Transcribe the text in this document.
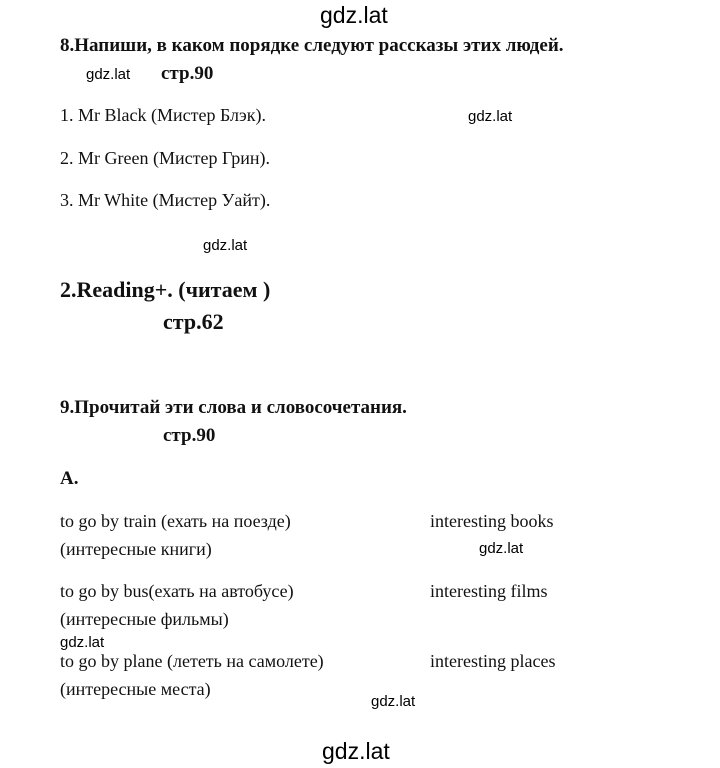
gdz.lat
gdz.lat
gdz.lat
gdz.lat
gdz.lat
gdz.lat
gdz.lat
gdz.lat
8.Напиши, в каком порядке следуют рассказы этих людей.
стр.90
1. Mr Black (Мистер Блэк).
2. Mr Green (Мистер Грин).
3. Mr White (Мистер Уайт).
2.Reading+. (читаем )
стр.62
9.Прочитай эти слова и словосочетания.
стр.90
A.
to go by train (ехать на поезде)	interesting books
(интересные книги)
to go by bus(ехать на автобусе)	interesting films
(интересные фильмы)
to go by plane (лететь на самолете)	interesting places
(интересные места)
